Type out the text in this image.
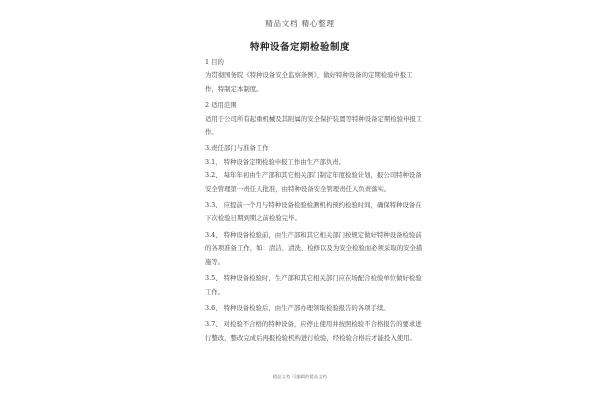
精品文档 精心整理
特种设备定期检验制度

1 目的

为贯彻国务院《特种设备安全监察条例》，做好特种设备的定期检验申报工作，特制定本制度。

2 适用范围

适用于公司所有起重机械及其附属的安全保护装置等特种设备定期检验申报工作。

3.责任部门与准备工作

3.1、 特种设备定期检验申报工作由生产部负责。

3.2、 每年年初由生产部和其它相关部门制定年度检验计划，报公司特种设备安全管理第一责任人批准，由特种设备安全管理责任人负责落实。

3.3、 应提前一个月与特种设备检验检测机构预约检验时间，确保特种设备在下次检验日期到期之前检验完毕。

3.4、 特种设备检验前，由生产部和其它相关部门按规定做好特种设备检验前的各项准备工作，如：清洁、清洗、检修以及为安全检验而必须采取的安全措施等。

3.5、 特种设备检验时，生产部和其它相关部门应在场配合检验单位做好检验工作。

3.6、 特种设备检验后，由生产部办理领取检验报告的各项手续。

3.7、 对检验不合格的特种设备，应停止使用并按照检验不合格报告的要求进行整改，整改完成后再报检验机构进行检验，经检验合格后才能投入使用。

精品文档 可编辑的精品文档
